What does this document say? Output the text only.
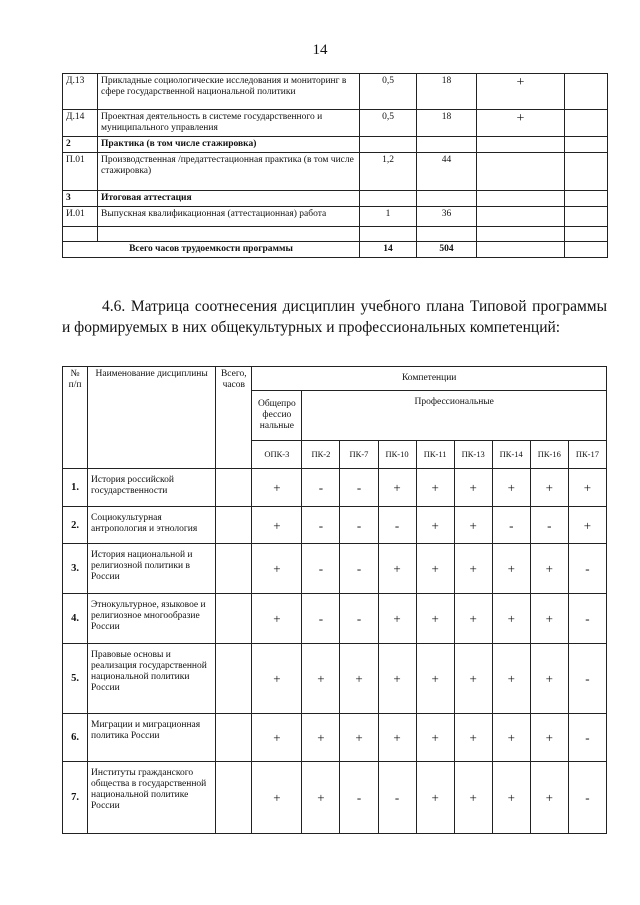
14
Д.13	Прикладные социологические исследования и мониторинг в сфере государственной национальной политики	0,5	18	+	
Д.14	Проектная деятельность в системе государственного и муниципального управления	0,5	18	+	
2	Практика (в том числе стажировка)				
П.01	Производственная /предаттестационная практика (в том числе стажировка)	1,2	44		
3	Итоговая аттестация				
И.01	Выпускная квалификационная (аттестационная) работа	1	36		

Всего часов трудоемкости программы		14	504		
4.6. Матрица соотнесения дисциплин учебного плана Типовой программы и формируемых в них общекультурных и профессиональных компетенций:
№ п/п	Наименование дисциплины	Всего, часов	Компетенции								
			Общепро фессио нальные	Профессиональные							
			ОПК-3	ПК-2	ПК-7	ПК-10	ПК-11	ПК-13	ПК-14	ПК-16	ПК-17
1.	История российской государственности		+	-	-	+	+	+	+	+	+
2.	Социокультурная антропология и этнология		+	-	-	-	+	+	-	-	+
3.	История национальной и религиозной политики в России		+	-	-	+	+	+	+	+	-
4.	Этнокультурное, языковое и религиозное многообразие России		+	-	-	+	+	+	+	+	-
5.	Правовые основы и реализация государственной национальной политики России		+	+	+	+	+	+	+	+	-
6.	Миграции и миграционная политика России		+	+	+	+	+	+	+	+	-
7.	Институты гражданского общества в государственной национальной политике России		+	+	-	-	+	+	+	+	-
